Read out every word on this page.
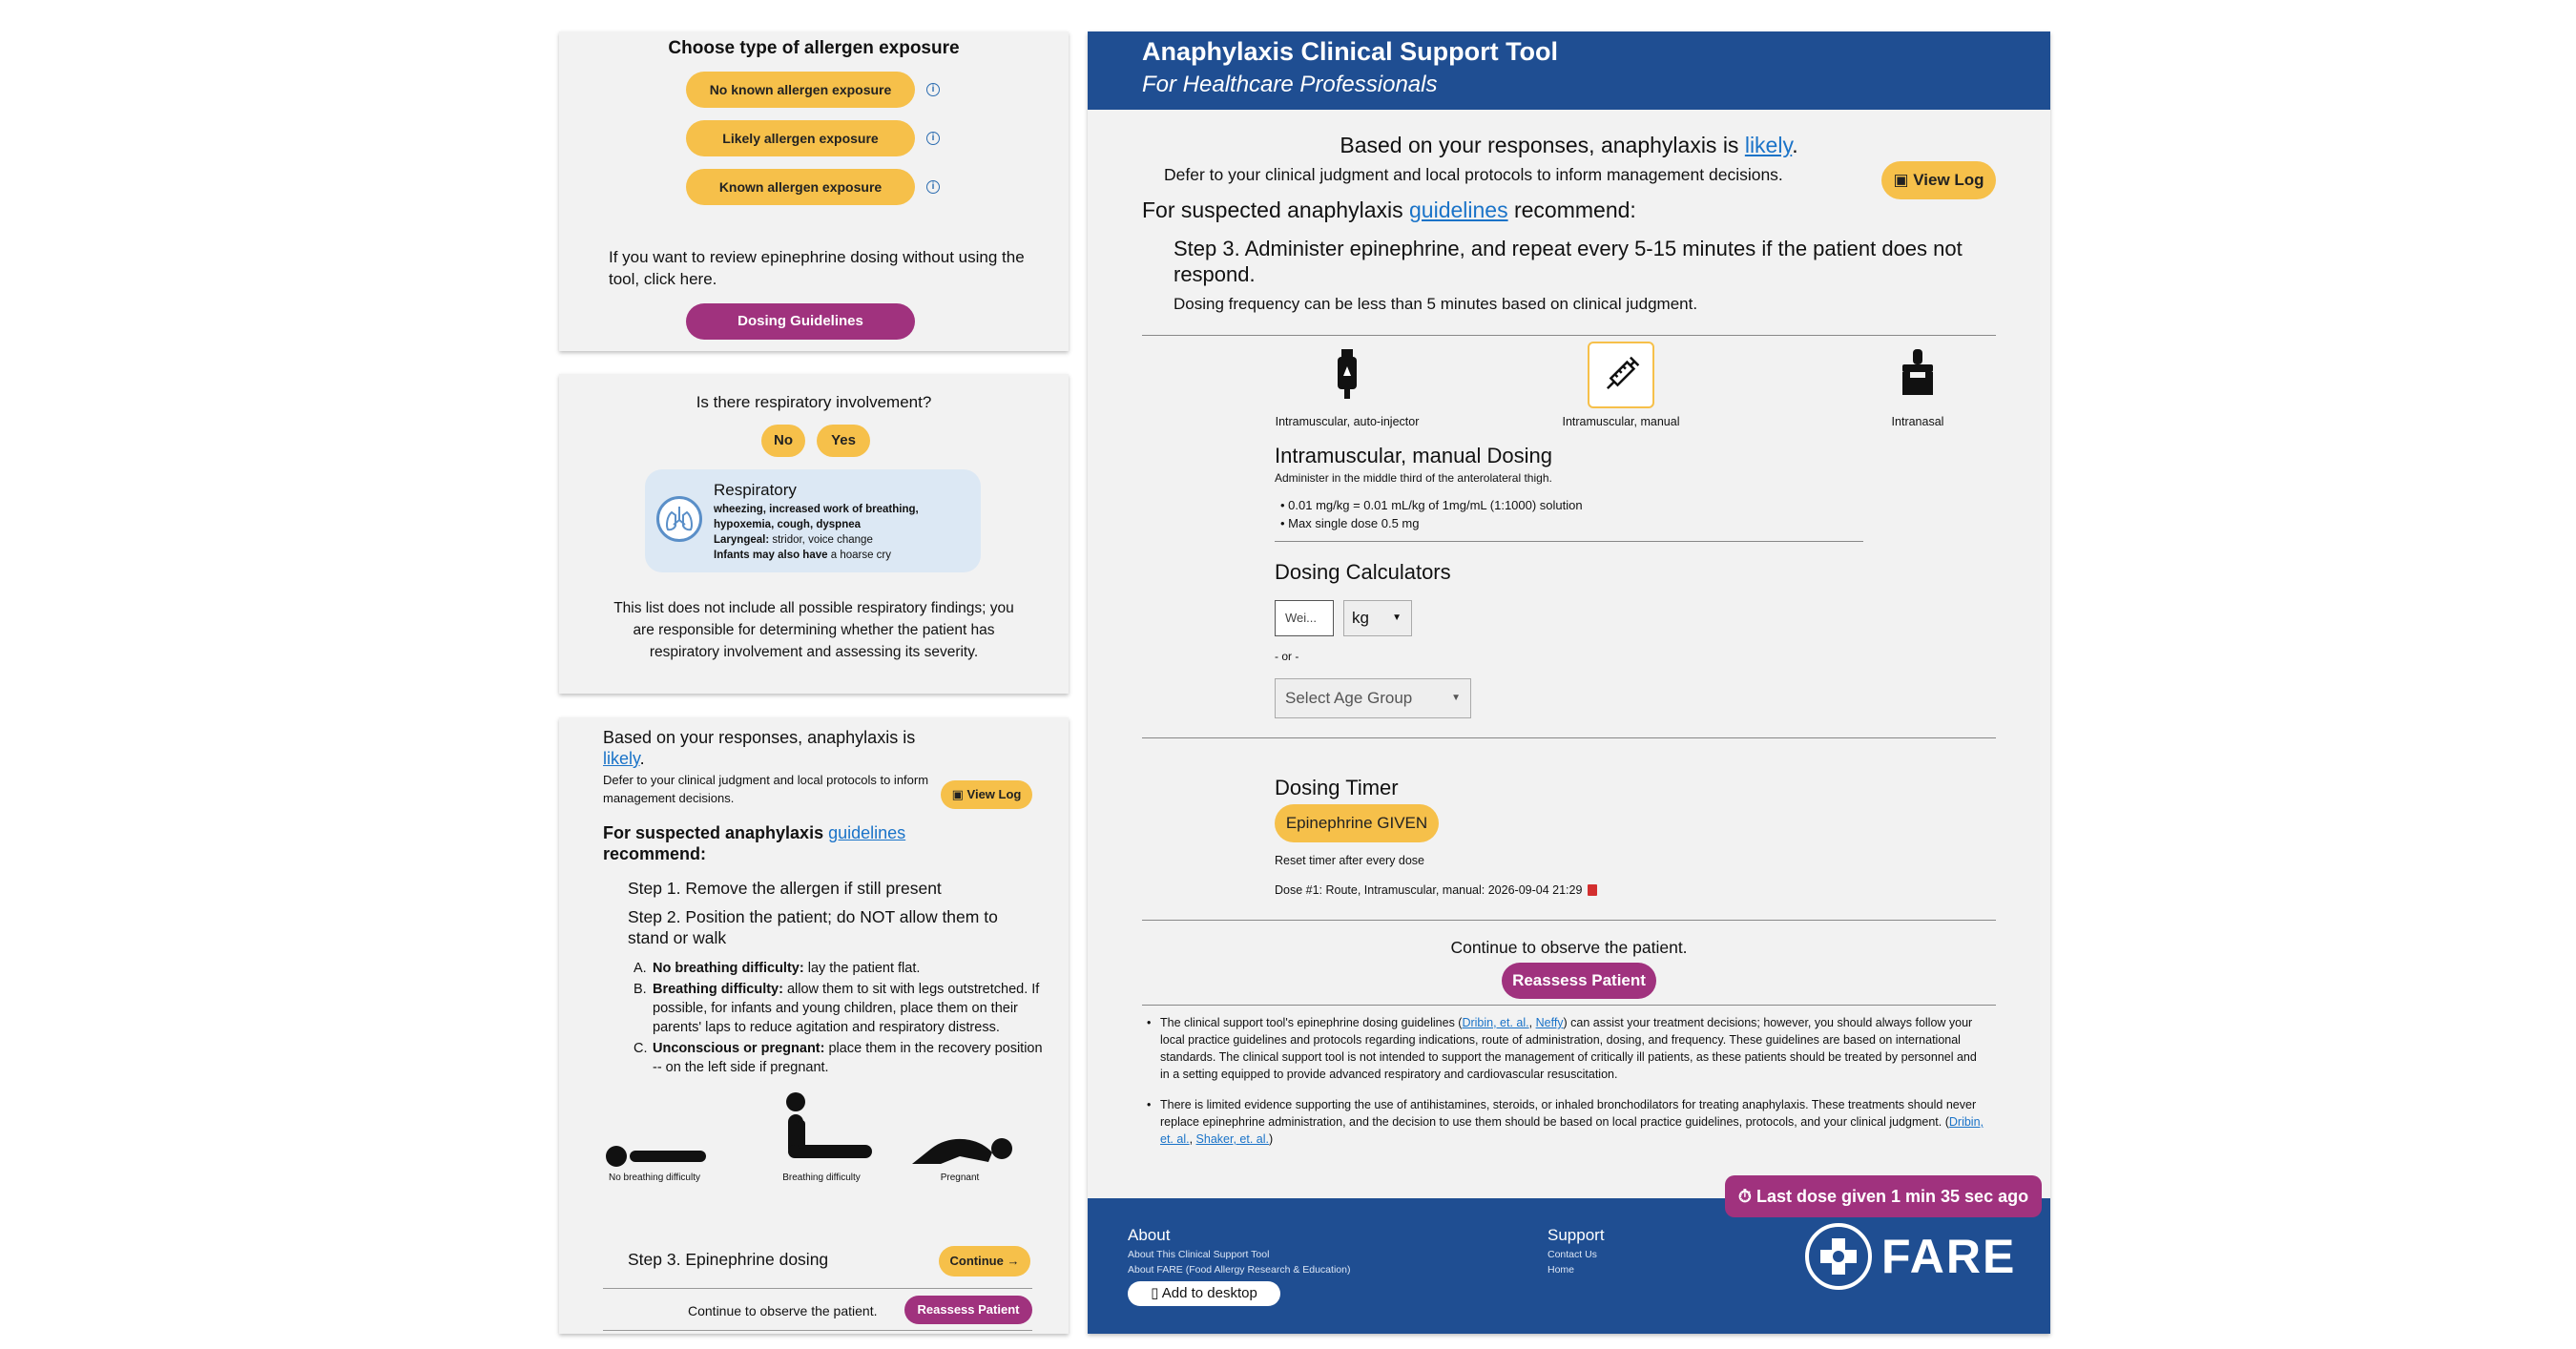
Choose type of allergen exposure
No known allergen exposure	i
Likely allergen exposure	i
Known allergen exposure	i
If you want to review epinephrine dosing without using the tool, click here.
Dosing Guidelines
Is there respiratory involvement?
No	Yes
Respiratory
wheezing, increased work of breathing, hypoxemia, cough, dyspnea
Laryngeal: stridor, voice change
Infants may also have a hoarse cry
This list does not include all possible respiratory findings; you are responsible for determining whether the patient has respiratory involvement and assessing its severity.
Based on your responses, anaphylaxis is likely.
Defer to your clinical judgment and local protocols to inform management decisions.	▣ View Log
For suspected anaphylaxis guidelines recommend:
Step 1. Remove the allergen if still present
Step 2. Position the patient; do NOT allow them to stand or walk
A. No breathing difficulty: lay the patient flat.
B. Breathing difficulty: allow them to sit with legs outstretched. If possible, for infants and young children, place them on their parents' laps to reduce agitation and respiratory distress.
C. Unconscious or pregnant: place them in the recovery position -- on the left side if pregnant.
No breathing difficulty	Breathing difficulty	Pregnant
Step 3. Epinephrine dosing	Continue →
Continue to observe the patient.	Reassess Patient
Anaphylaxis Clinical Support Tool
For Healthcare Professionals
Based on your responses, anaphylaxis is likely.
Defer to your clinical judgment and local protocols to inform management decisions.	▣ View Log
For suspected anaphylaxis guidelines recommend:
Step 3. Administer epinephrine, and repeat every 5-15 minutes if the patient does not respond.
Dosing frequency can be less than 5 minutes based on clinical judgment.
Intramuscular, auto-injector	Intramuscular, manual	Intranasal
Intramuscular, manual Dosing
Administer in the middle third of the anterolateral thigh.
• 0.01 mg/kg = 0.01 mL/kg of 1mg/mL (1:1000) solution
• Max single dose 0.5 mg
Dosing Calculators
Wei...	kg ▼
- or -
Select Age Group	▼
Dosing Timer
Epinephrine GIVEN
Reset timer after every dose
Dose #1: Route, Intramuscular, manual: 2026-09-04 21:29
Continue to observe the patient.
Reassess Patient
• The clinical support tool's epinephrine dosing guidelines (Dribin, et. al., Neffy) can assist your treatment decisions; however, you should always follow your local practice guidelines and protocols regarding indications, route of administration, dosing, and frequency. These guidelines are based on international standards. The clinical support tool is not intended to support the management of critically ill patients, as these patients should be treated by personnel and in a setting equipped to provide advanced respiratory and cardiovascular resuscitation.
• There is limited evidence supporting the use of antihistamines, steroids, or inhaled bronchodilators for treating anaphylaxis. These treatments should never replace epinephrine administration, and the decision to use them should be based on local practice guidelines, protocols, and your clinical judgment. (Dribin, et. al., Shaker, et. al.)
About
About This Clinical Support Tool
About FARE (Food Allergy Research & Education)
▯ Add to desktop
Support
Contact Us
Home	FARE
⏱ Last dose given 1 min 35 sec ago
